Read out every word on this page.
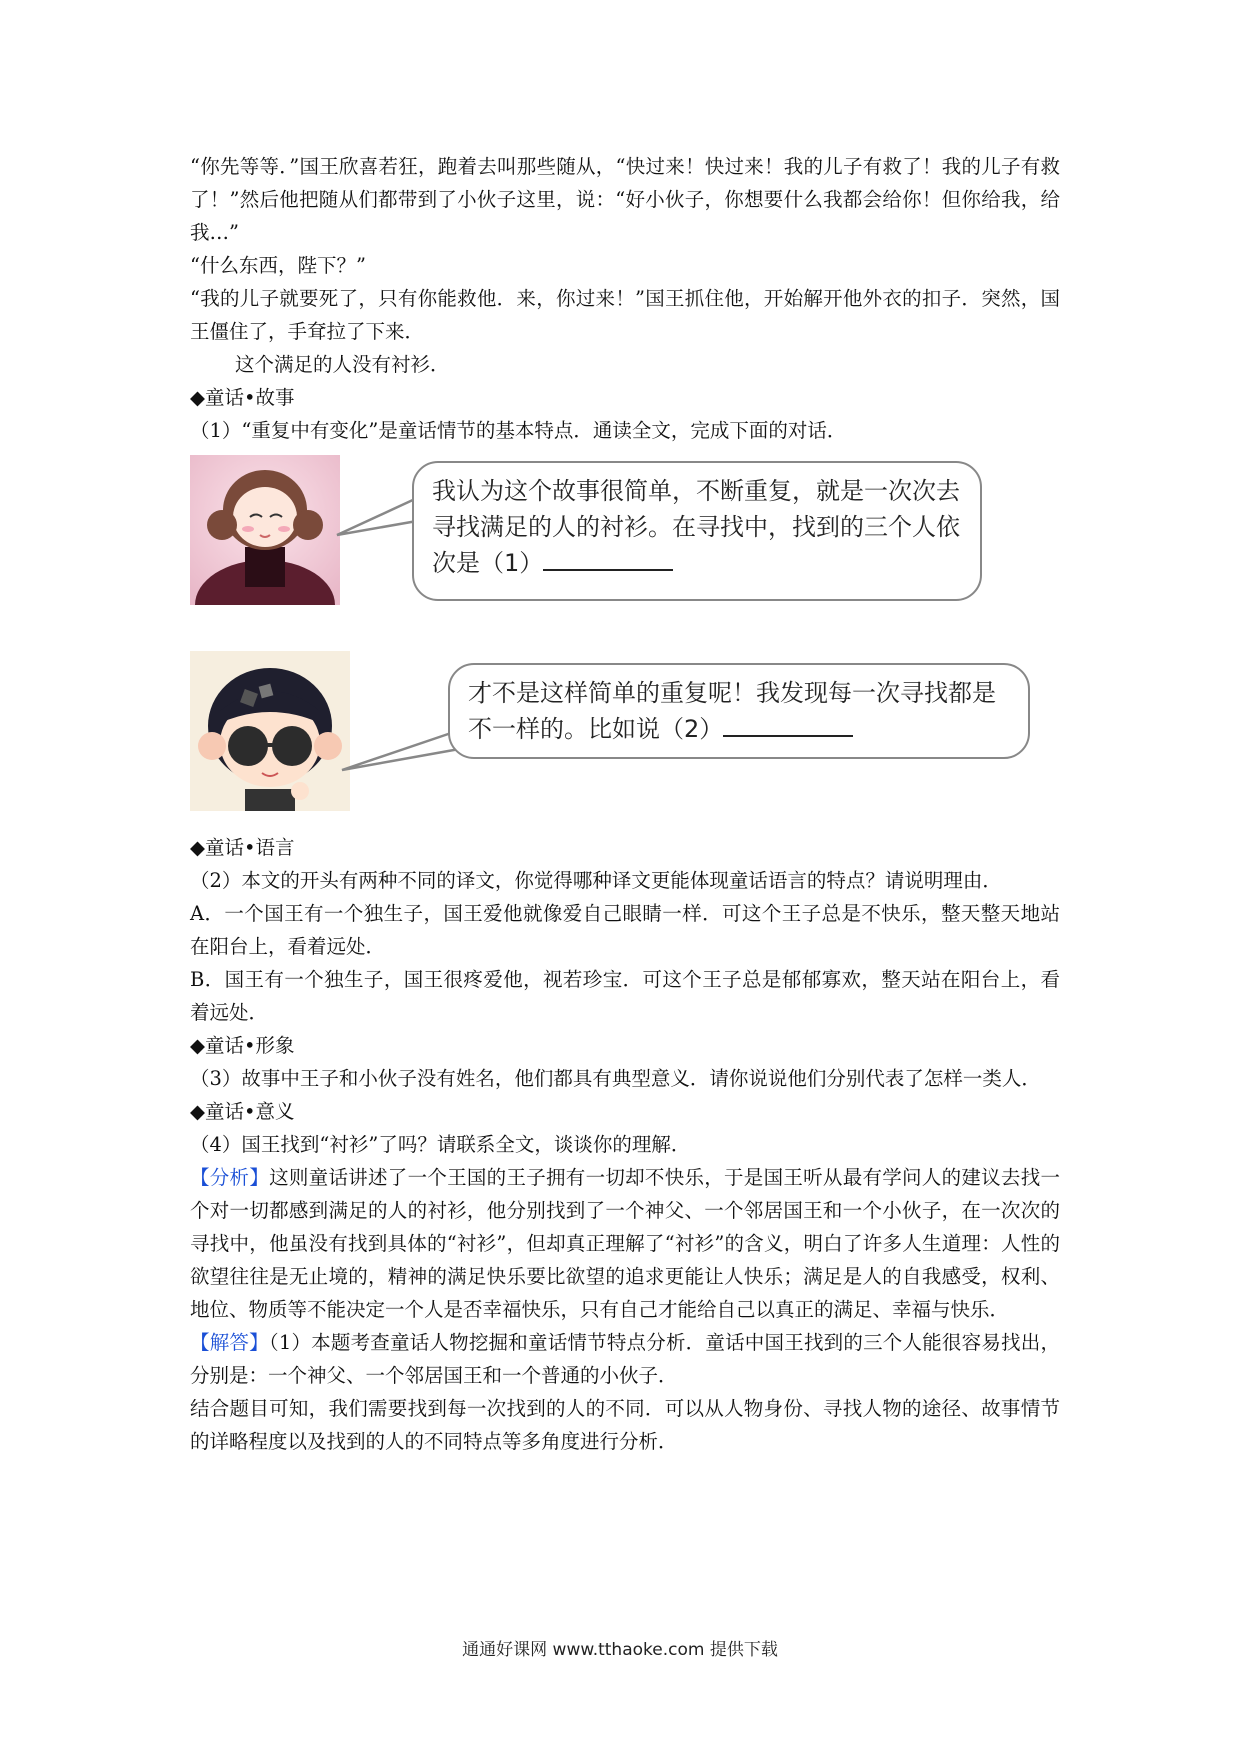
“你先等等．”国王欣喜若狂，跑着去叫那些随从，“快过来！快过来！我的儿子有救了！我的儿子有救了！”然后他把随从们都带到了小伙子这里，说：“好小伙子，你想要什么我都会给你！但你给我，给我…”

“什么东西，陛下？”

“我的儿子就要死了，只有你能救他．来，你过来！”国王抓住他，开始解开他外衣的扣子．突然，国王僵住了，手耷拉了下来．

这个满足的人没有衬衫．

◆童话•故事

（1）“重复中有变化”是童话情节的基本特点．通读全文，完成下面的对话．

我认为这个故事很简单，不断重复，就是一次次去寻找满足的人的衬衫。在寻找中，找到的三个人依次是（1）
才不是这样简单的重复呢！我发现每一次寻找都是不一样的。比如说（2）

◆童话•语言

（2）本文的开头有两种不同的译文，你觉得哪种译文更能体现童话语言的特点？请说明理由．

A．一个国王有一个独生子，国王爱他就像爱自己眼睛一样．可这个王子总是不快乐，整天整天地站在阳台上，看着远处．

B．国王有一个独生子，国王很疼爱他，视若珍宝．可这个王子总是郁郁寡欢，整天站在阳台上，看着远处．

◆童话•形象

（3）故事中王子和小伙子没有姓名，他们都具有典型意义．请你说说他们分别代表了怎样一类人．

◆童话•意义

（4）国王找到“衬衫”了吗？请联系全文，谈谈你的理解．

【分析】这则童话讲述了一个王国的王子拥有一切却不快乐，于是国王听从最有学问人的建议去找一个对一切都感到满足的人的衬衫，他分别找到了一个神父、一个邻居国王和一个小伙子，在一次次的寻找中，他虽没有找到具体的“衬衫”，但却真正理解了“衬衫”的含义，明白了许多人生道理：人性的欲望往往是无止境的，精神的满足快乐要比欲望的追求更能让人快乐；满足是人的自我感受，权利、地位、物质等不能决定一个人是否幸福快乐，只有自己才能给自己以真正的满足、幸福与快乐．

【解答】（1）本题考查童话人物挖掘和童话情节特点分析．童话中国王找到的三个人能很容易找出，分别是：一个神父、一个邻居国王和一个普通的小伙子．

结合题目可知，我们需要找到每一次找到的人的不同．可以从人物身份、寻找人物的途径、故事情节的详略程度以及找到的人的不同特点等多角度进行分析．

通通好课网 www.tthaoke.com 提供下载
